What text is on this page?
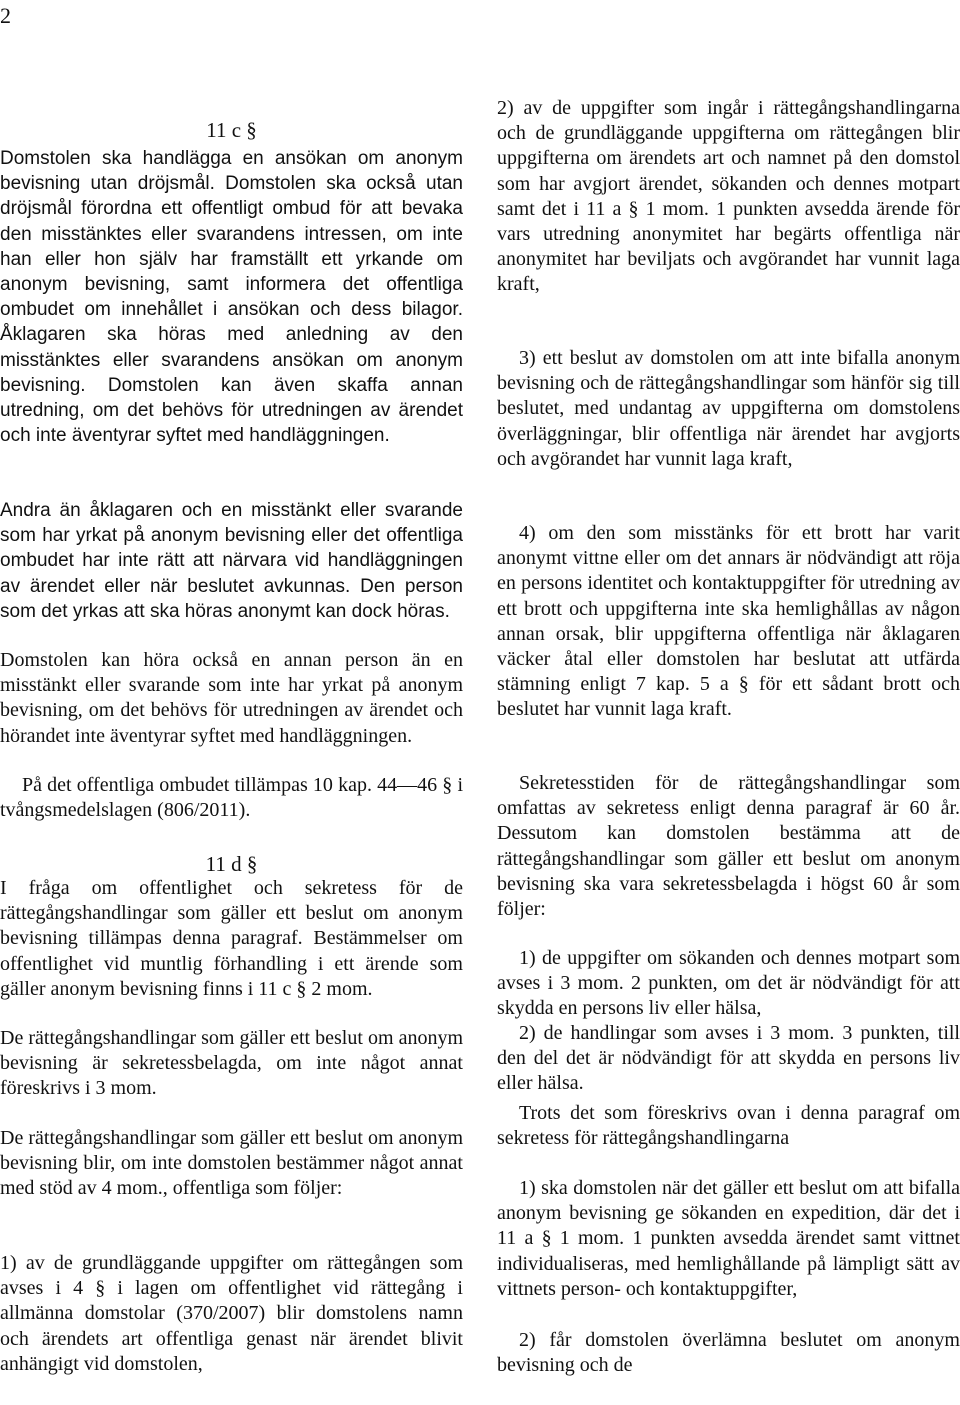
2
11 c §

Domstolen ska handlägga en ansökan om anonym bevisning utan dröjsmål. Domstolen ska också utan dröjsmål förordna ett offentligt ombud för att bevaka den misstänktes eller svarandens intressen, om inte han eller hon själv har framställt ett yrkande om anonym bevisning, samt informera det offentliga ombudet om innehållet i ansökan och dess bilagor. Åklagaren ska höras med anledning av den misstänktes eller svarandens ansökan om anonym bevisning. Domstolen kan även skaffa annan utredning, om det behövs för utredningen av ärendet och inte äventyrar syftet med handläggningen.

Andra än åklagaren och en misstänkt eller svarande som har yrkat på anonym bevisning eller det offentliga ombudet har inte rätt att närvara vid handläggningen av ärendet eller när beslutet avkunnas. Den person som det yrkas att ska höras anonymt kan dock höras.

Domstolen kan höra också en annan person än en misstänkt eller svarande som inte har yrkat på anonym bevisning, om det behövs för utredningen av ärendet och hörandet inte äventyrar syftet med handläggningen.

På det offentliga ombudet tillämpas 10 kap. 44—46 § i tvångsmedelslagen (806/2011).

11 d §

I fråga om offentlighet och sekretess för de rättegångshandlingar som gäller ett beslut om anonym bevisning tillämpas denna paragraf. Bestämmelser om offentlighet vid muntlig förhandling i ett ärende som gäller anonym bevisning finns i 11 c § 2 mom.

De rättegångshandlingar som gäller ett beslut om anonym bevisning är sekretessbelagda, om inte något annat föreskrivs i 3 mom.

De rättegångshandlingar som gäller ett beslut om anonym bevisning blir, om inte domstolen bestämmer något annat med stöd av 4 mom., offentliga som följer:

1) av de grundläggande uppgifter om rättegången som avses i 4 § i lagen om offentlighet vid rättegång i allmänna domstolar (370/2007) blir domstolens namn och ärendets art offentliga genast när ärendet blivit anhängigt vid domstolen,

2) av de uppgifter som ingår i rättegångshandlingarna och de grundläggande uppgifterna om rättegången blir uppgifterna om ärendets art och namnet på den domstol som har avgjort ärendet, sökanden och dennes motpart samt det i 11 a § 1 mom. 1 punkten avsedda ärende för vars utredning anonymitet har begärts offentliga när anonymitet har beviljats och avgörandet har vunnit laga kraft,

3) ett beslut av domstolen om att inte bifalla anonym bevisning och de rättegångshandlingar som hänför sig till beslutet, med undantag av uppgifterna om domstolens överläggningar, blir offentliga när ärendet har avgjorts och avgörandet har vunnit laga kraft,

4) om den som misstänks för ett brott har varit anonymt vittne eller om det annars är nödvändigt att röja en persons identitet och kontaktuppgifter för utredning av ett brott och uppgifterna inte ska hemlighållas av någon annan orsak, blir uppgifterna offentliga när åklagaren väcker åtal eller domstolen har beslutat att utfärda stämning enligt 7 kap. 5 a § för ett sådant brott och beslutet har vunnit laga kraft.

Sekretesstiden för de rättegångshandlingar som omfattas av sekretess enligt denna paragraf är 60 år. Dessutom kan domstolen bestämma att de rättegångshandlingar som gäller ett beslut om anonym bevisning ska vara sekretessbelagda i högst 60 år som följer:

1) de uppgifter om sökanden och dennes motpart som avses i 3 mom. 2 punkten, om det är nödvändigt för att skydda en persons liv eller hälsa,

2) de handlingar som avses i 3 mom. 3 punkten, till den del det är nödvändigt för att skydda en persons liv eller hälsa.

Trots det som föreskrivs ovan i denna paragraf om sekretess för rättegångshandlingarna

1) ska domstolen när det gäller ett beslut om att bifalla anonym bevisning ge sökanden en expedition, där det i 11 a § 1 mom. 1 punkten avsedda ärendet samt vittnet individualiseras, med hemlighållande på lämpligt sätt av vittnets person- och kontaktuppgifter,

2) får domstolen överlämna beslutet om anonym bevisning och de
